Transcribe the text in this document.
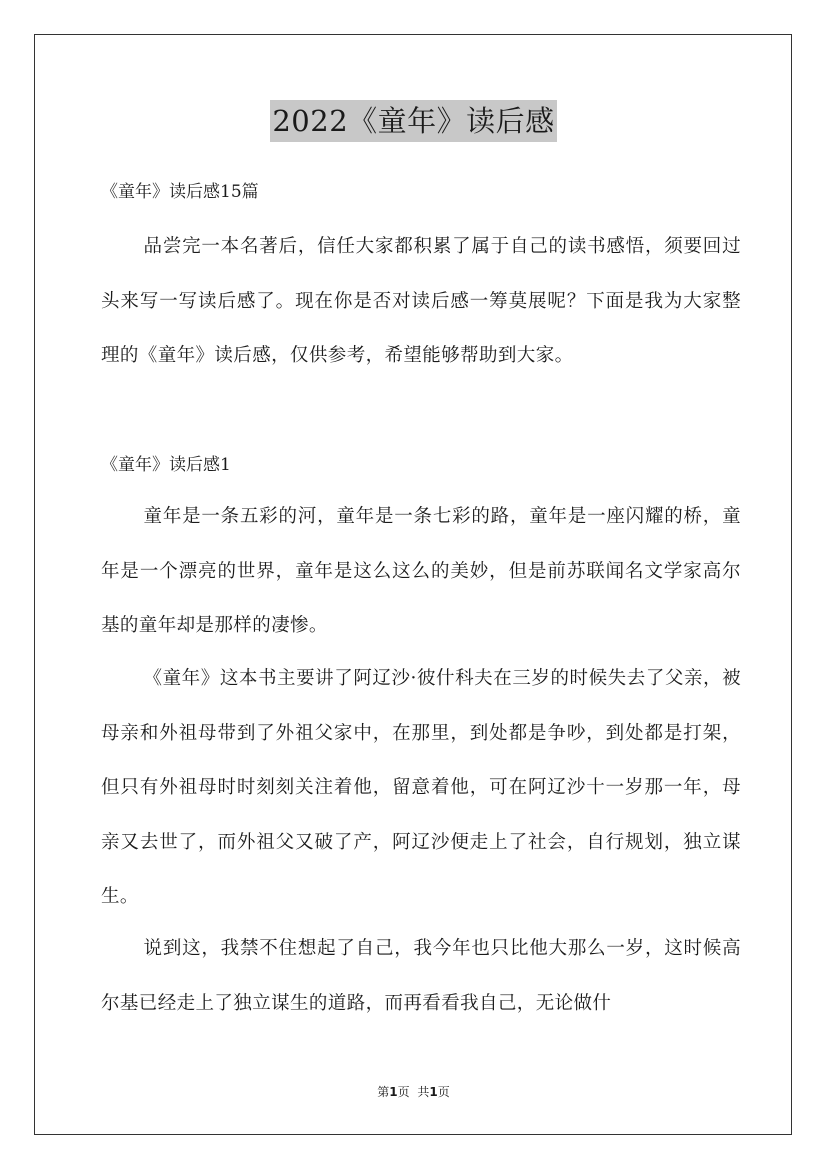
2022《童年》读后感
《童年》读后感15篇
品尝完一本名著后，信任大家都积累了属于自己的读书感悟，须要回过头来写一写读后感了。现在你是否对读后感一筹莫展呢？下面是我为大家整理的《童年》读后感，仅供参考，希望能够帮助到大家。
《童年》读后感1
童年是一条五彩的河，童年是一条七彩的路，童年是一座闪耀的桥，童年是一个漂亮的世界，童年是这么这么的美妙，但是前苏联闻名文学家高尔基的童年却是那样的凄惨。
《童年》这本书主要讲了阿辽沙·彼什科夫在三岁的时候失去了父亲，被母亲和外祖母带到了外祖父家中，在那里，到处都是争吵，到处都是打架，但只有外祖母时时刻刻关注着他，留意着他，可在阿辽沙十一岁那一年，母亲又去世了，而外祖父又破了产，阿辽沙便走上了社会，自行规划，独立谋生。
说到这，我禁不住想起了自己，我今年也只比他大那么一岁，这时候高尔基已经走上了独立谋生的道路，而再看看我自己，无论做什
第1页 共1页
